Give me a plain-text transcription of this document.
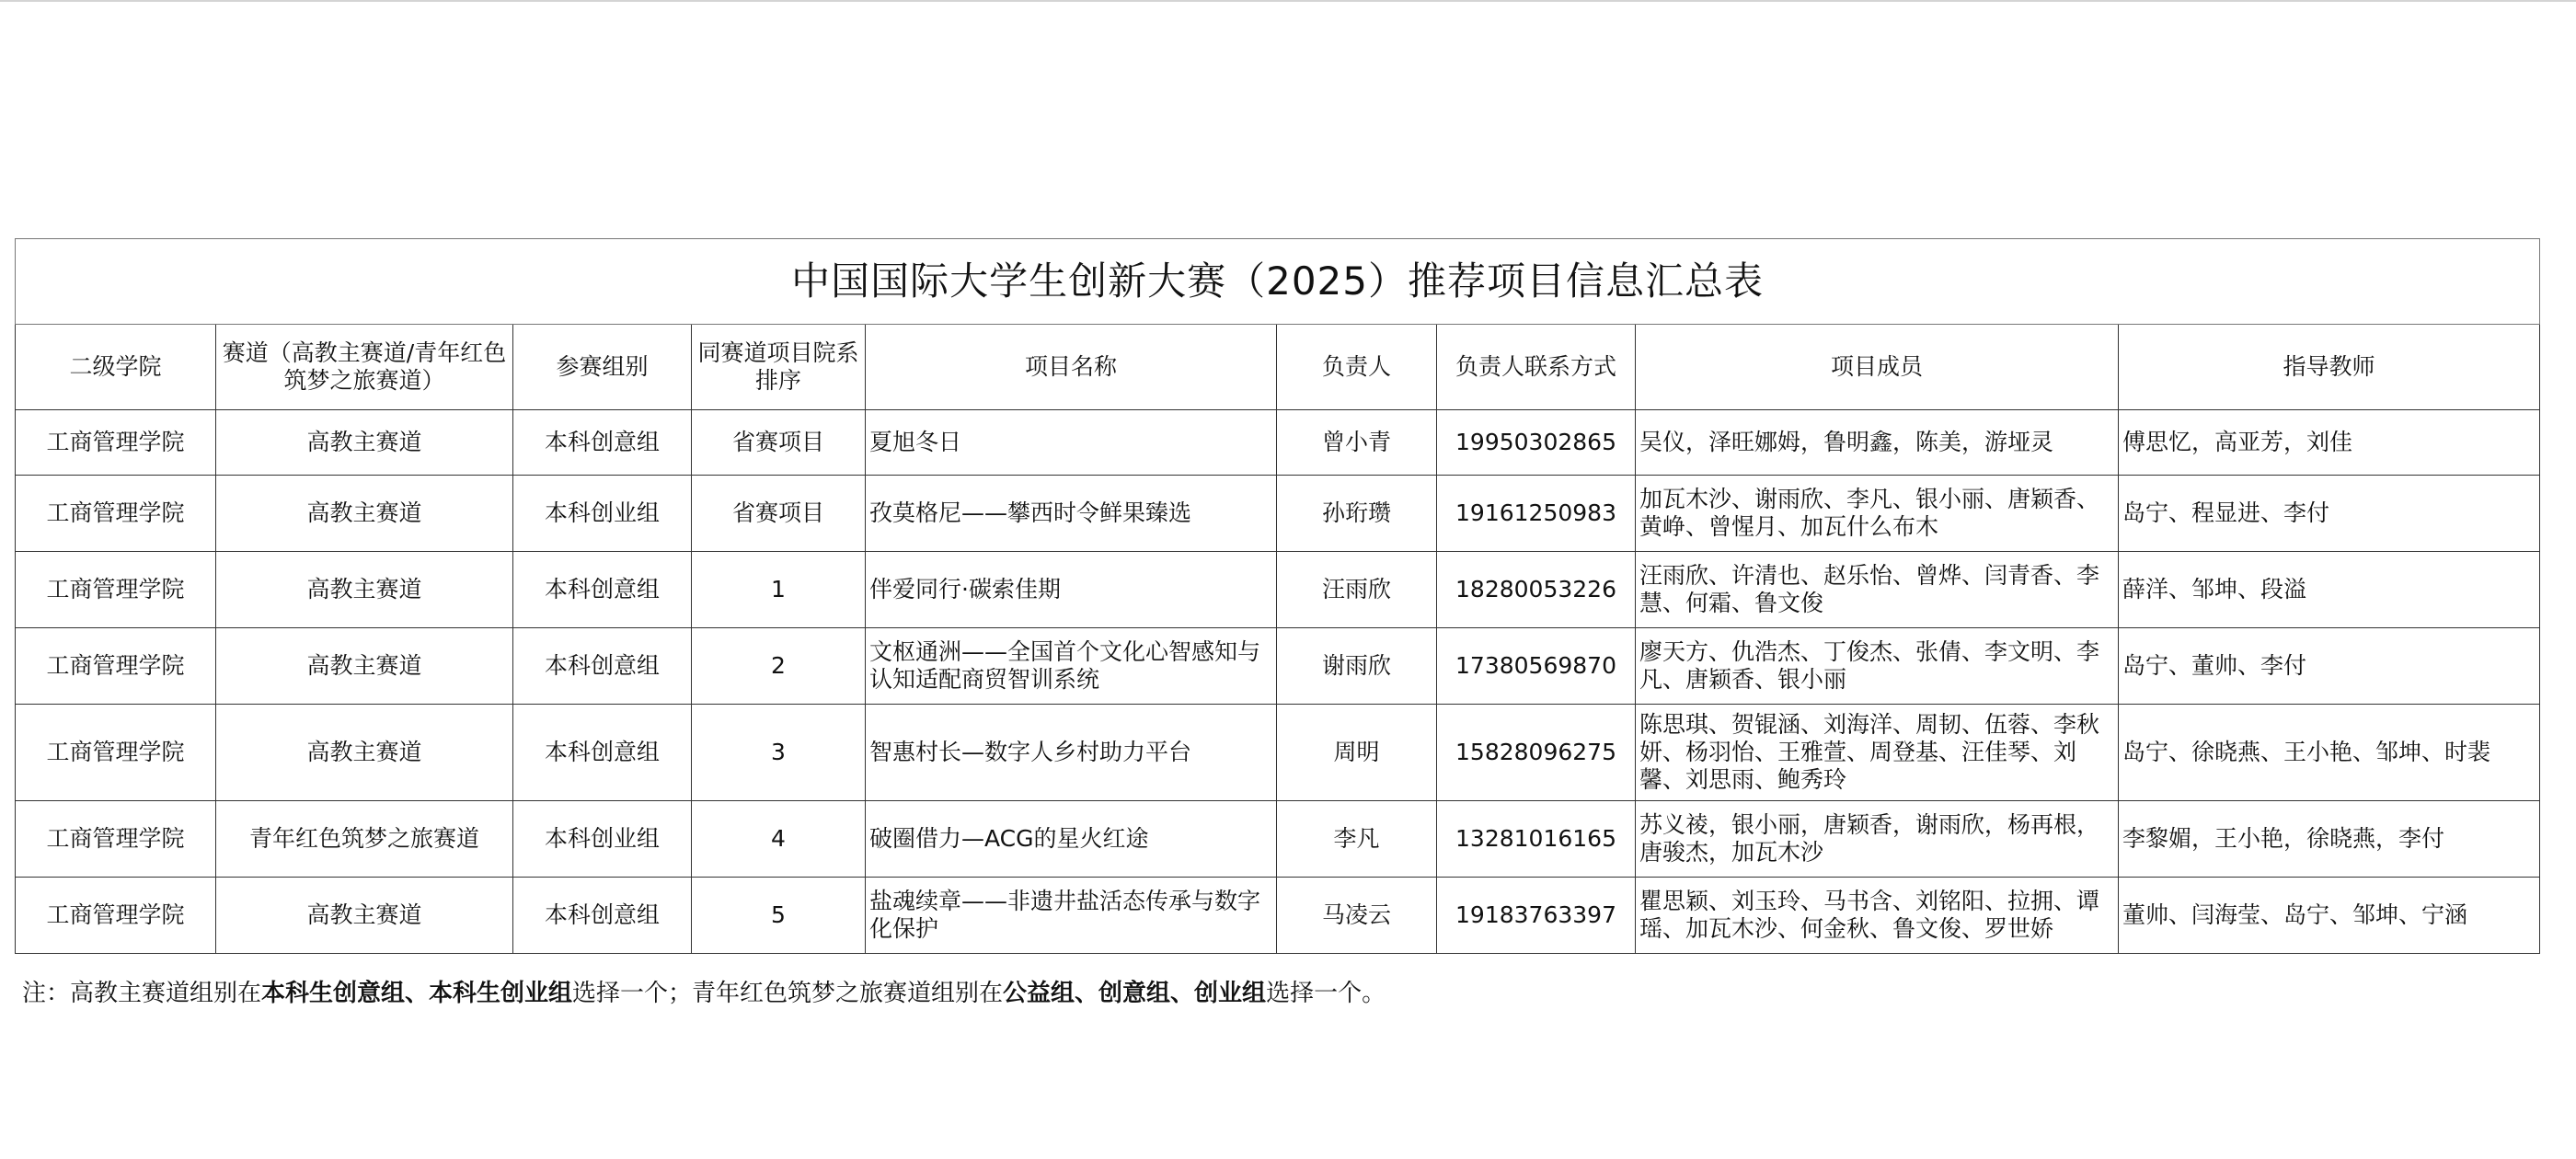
中国国际大学生创新大赛（2025）推荐项目信息汇总表								
二级学院	赛道（高教主赛道/青年红色筑梦之旅赛道）	参赛组别	同赛道项目院系排序	项目名称	负责人	负责人联系方式	项目成员	指导教师
工商管理学院	高教主赛道	本科创意组	省赛项目	夏旭冬日	曾小青	19950302865	吴仪，泽旺娜姆，鲁明鑫，陈美，游垭灵	傅思忆，高亚芳，刘佳
工商管理学院	高教主赛道	本科创业组	省赛项目	孜莫格尼——攀西时令鲜果臻选	孙珩瓒	19161250983	加瓦木沙、谢雨欣、李凡、银小丽、唐颖香、黄峥、曾惺月、加瓦什么布木	岛宁、程显进、李付
工商管理学院	高教主赛道	本科创意组	1	伴爱同行·碳索佳期	汪雨欣	18280053226	汪雨欣、许清也、赵乐怡、曾烨、闫青香、李慧、何霜、鲁文俊	薛洋、邹坤、段溢
工商管理学院	高教主赛道	本科创意组	2	文枢通洲——全国首个文化心智感知与认知适配商贸智训系统	谢雨欣	17380569870	廖天方、仇浩杰、丁俊杰、张倩、李文明、李凡、唐颖香、银小丽	岛宁、董帅、李付
工商管理学院	高教主赛道	本科创意组	3	智惠村长—数字人乡村助力平台	周明	15828096275	陈思琪、贺锟涵、刘海洋、周韧、伍蓉、李秋妍、杨羽怡、王雅萱、周登基、汪佳琴、刘馨、刘思雨、鲍秀玲	岛宁、徐晓燕、王小艳、邹坤、时裴
工商管理学院	青年红色筑梦之旅赛道	本科创业组	4	破圈借力—ACG的星火红途	李凡	13281016165	苏义祾，银小丽，唐颖香，谢雨欣，杨再根，唐骏杰，加瓦木沙	李黎媚，王小艳，徐晓燕，李付
工商管理学院	高教主赛道	本科创意组	5	盐魂续章——非遗井盐活态传承与数字化保护	马凌云	19183763397	瞿思颖、刘玉玲、马书含、刘铭阳、拉拥、谭瑶、加瓦木沙、何金秋、鲁文俊、罗世娇	董帅、闫海莹、岛宁、邹坤、宁涵
注：高教主赛道组别在本科生创意组、本科生创业组选择一个；青年红色筑梦之旅赛道组别在公益组、创意组、创业组选择一个。
